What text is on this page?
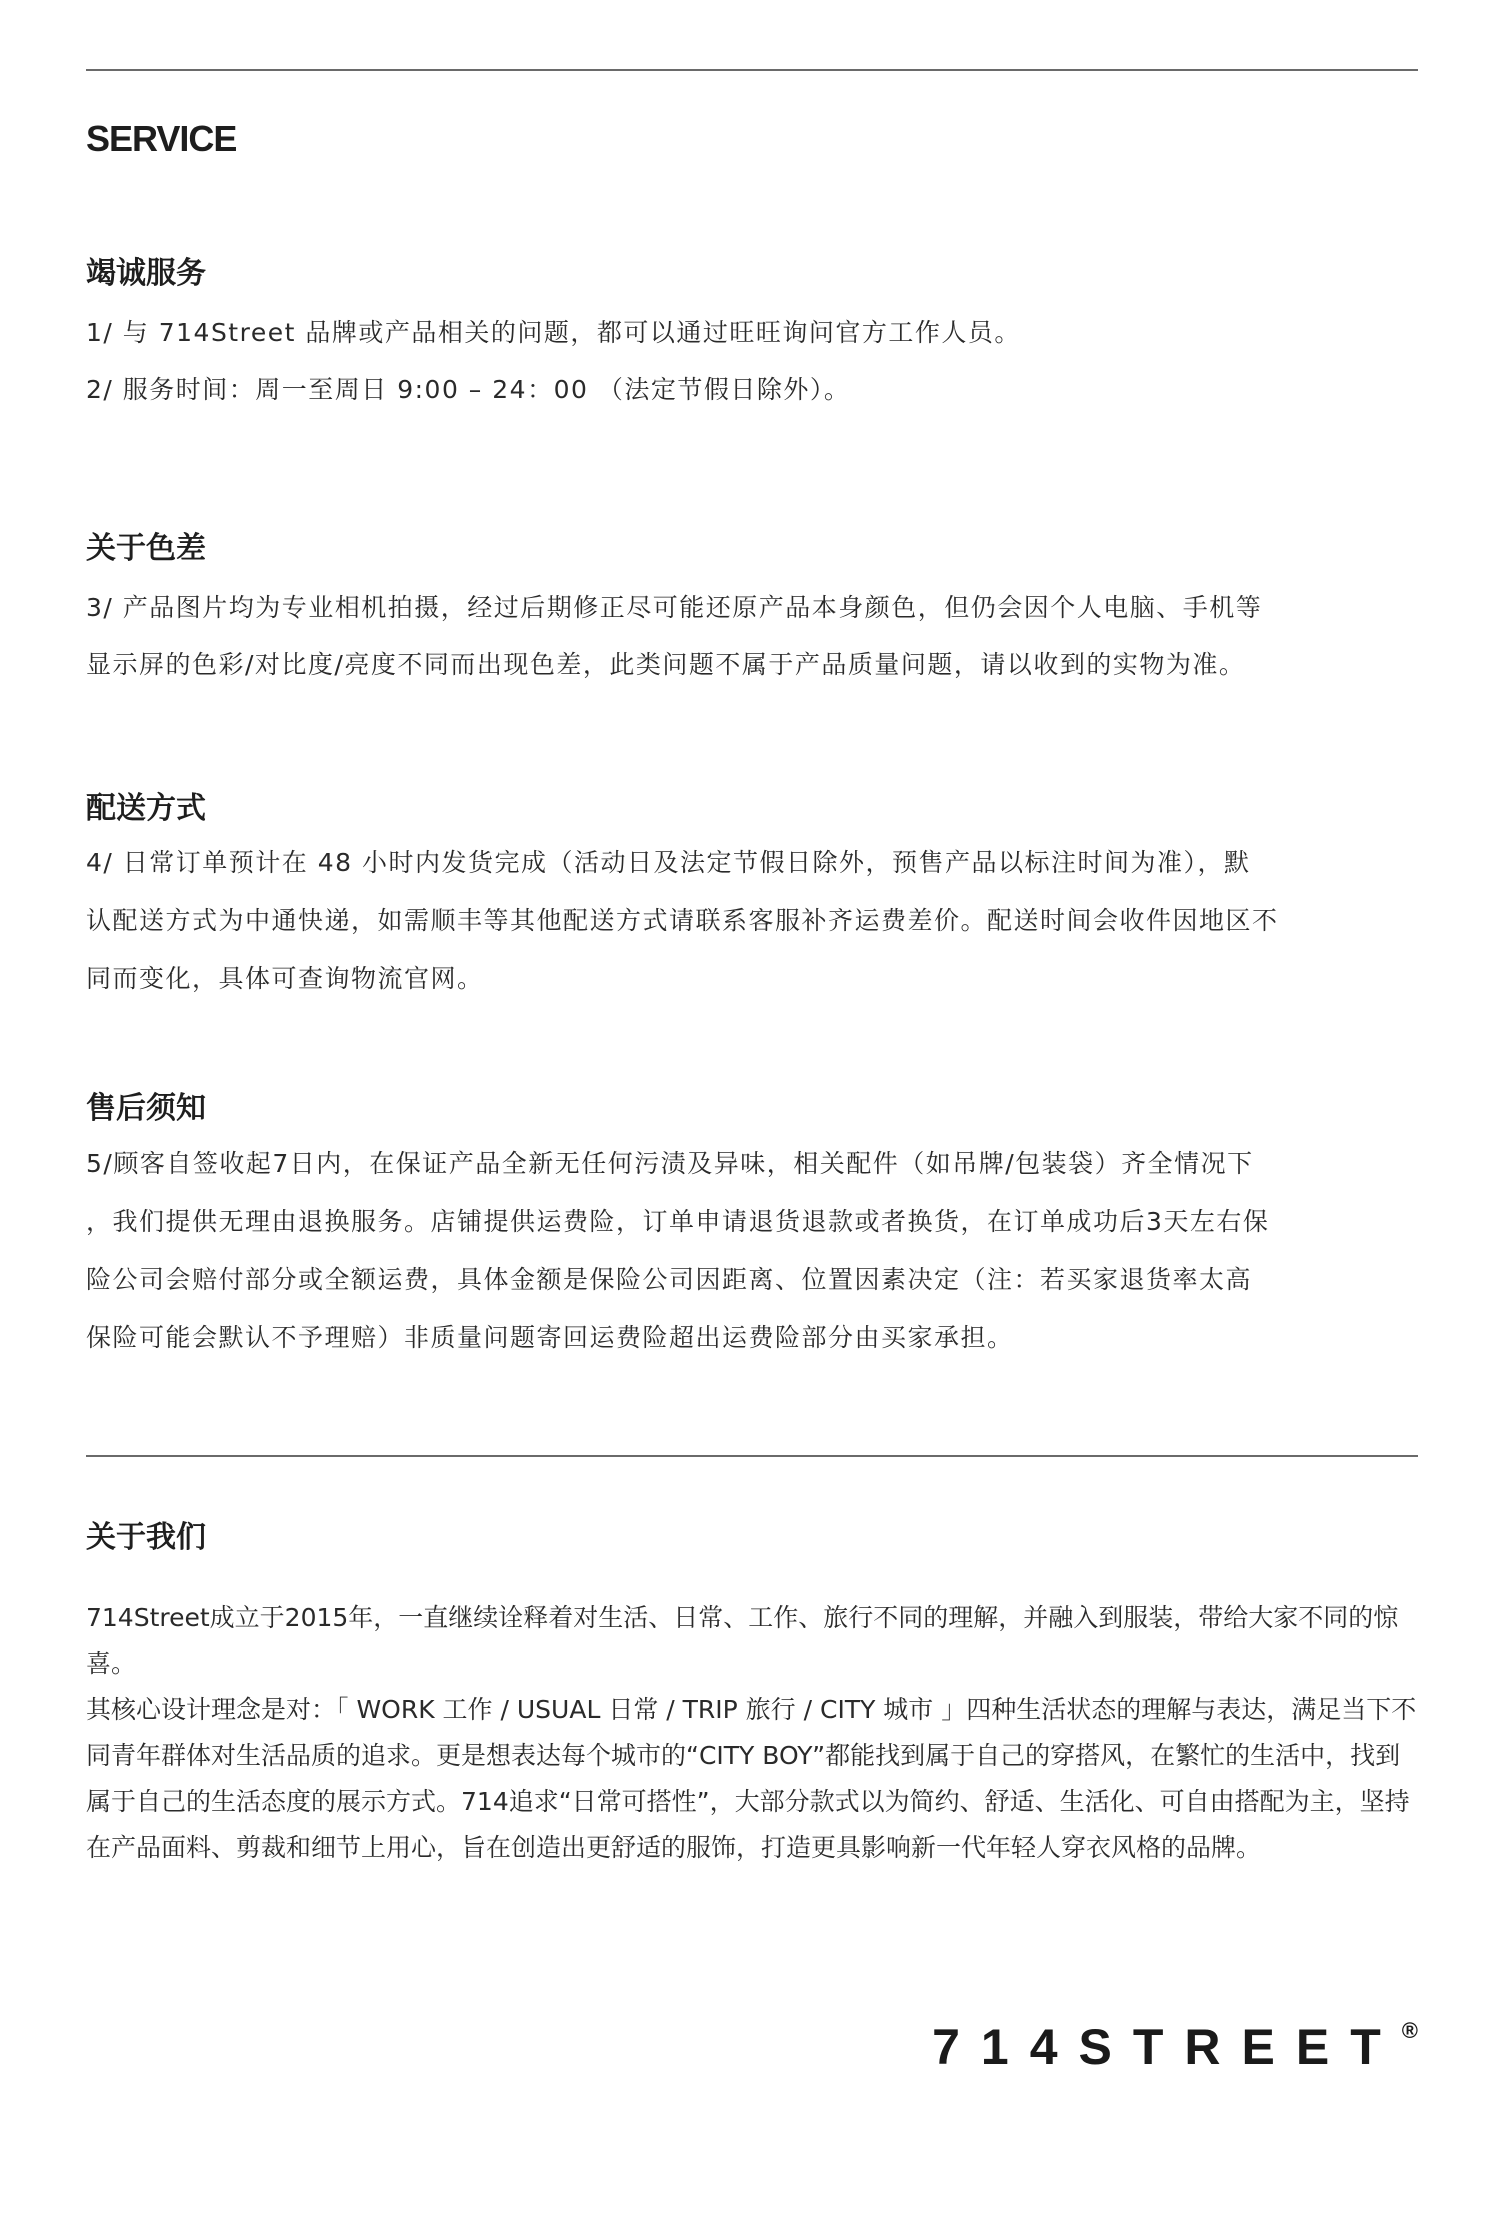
SERVICE
竭诚服务

1/ 与 714Street 品牌或产品相关的问题，都可以通过旺旺询问官方工作人员。

2/ 服务时间：周一至周日 9:00 – 24：00 （法定节假日除外）。

关于色差

3/ 产品图片均为专业相机拍摄，经过后期修正尽可能还原产品本身颜色，但仍会因个人电脑、手机等

显示屏的色彩/对比度/亮度不同而出现色差，此类问题不属于产品质量问题，请以收到的实物为准。

配送方式

4/ 日常订单预计在 48 小时内发货完成（活动日及法定节假日除外，预售产品以标注时间为准），默

认配送方式为中通快递，如需顺丰等其他配送方式请联系客服补齐运费差价。配送时间会收件因地区不

同而变化，具体可查询物流官网。

售后须知

5/顾客自签收起7日内，在保证产品全新无任何污渍及异味，相关配件（如吊牌/包装袋）齐全情况下

，我们提供无理由退换服务。店铺提供运费险，订单申请退货退款或者换货，在订单成功后3天左右保

险公司会赔付部分或全额运费，具体金额是保险公司因距离、位置因素决定（注：若买家退货率太高

保险可能会默认不予理赔）非质量问题寄回运费险超出运费险部分由买家承担。

关于我们

714Street成立于2015年，一直继续诠释着对生活、日常、工作、旅行不同的理解，并融入到服装，带给大家不同的惊喜。

其核心设计理念是对：「 WORK 工作 / USUAL 日常 / TRIP 旅行 / CITY 城市 」四种生活状态的理解与表达，满足当下不同青年群体对生活品质的追求。更是想表达每个城市的“CITY BOY”都能找到属于自己的穿搭风，在繁忙的生活中，找到属于自己的生活态度的展示方式。714追求“日常可搭性”，大部分款式以为简约、舒适、生活化、可自由搭配为主，坚持在产品面料、剪裁和细节上用心，旨在创造出更舒适的服饰，打造更具影响新一代年轻人穿衣风格的品牌。

714STREET®
